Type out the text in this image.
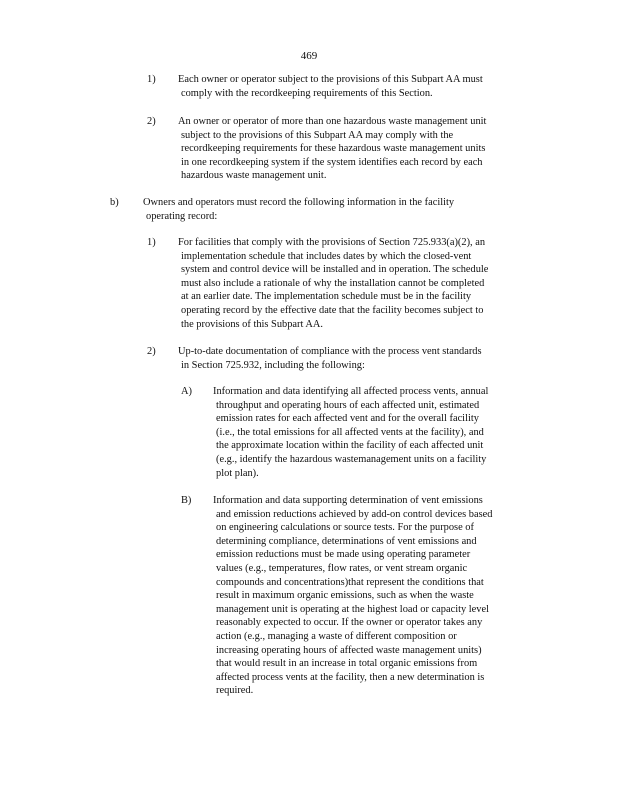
469
1) Each owner or operator subject to the provisions of this Subpart AA must
comply with the recordkeeping requirements of this Section.
2) An owner or operator of more than one hazardous waste management unit
subject to the provisions of this Subpart AA may comply with the
recordkeeping requirements for these hazardous waste management units
in one recordkeeping system if the system identifies each record by each
hazardous waste management unit.
b) Owners and operators must record the following information in the facility
operating record:
1) For facilities that comply with the provisions of Section 725.933(a)(2), an
implementation schedule that includes dates by which the closed-vent
system and control device will be installed and in operation. The schedule
must also include a rationale of why the installation cannot be completed
at an earlier date. The implementation schedule must be in the facility
operating record by the effective date that the facility becomes subject to
the provisions of this Subpart AA.
2) Up-to-date documentation of compliance with the process vent standards
in Section 725.932, including the following:
A) Information and data identifying all affected process vents, annual
throughput and operating hours of each affected unit, estimated
emission rates for each affected vent and for the overall facility
(i.e., the total emissions for all affected vents at the facility), and
the approximate location within the facility of each affected unit
(e.g., identify the hazardous wastemanagement units on a facility
plot plan).
B) Information and data supporting determination of vent emissions
and emission reductions achieved by add-on control devices based
on engineering calculations or source tests. For the purpose of
determining compliance, determinations of vent emissions and
emission reductions must be made using operating parameter
values (e.g., temperatures, flow rates, or vent stream organic
compounds and concentrations)that represent the conditions that
result in maximum organic emissions, such as when the waste
management unit is operating at the highest load or capacity level
reasonably expected to occur. If the owner or operator takes any
action (e.g., managing a waste of different composition or
increasing operating hours of affected waste management units)
that would result in an increase in total organic emissions from
affected process vents at the facility, then a new determination is
required.
